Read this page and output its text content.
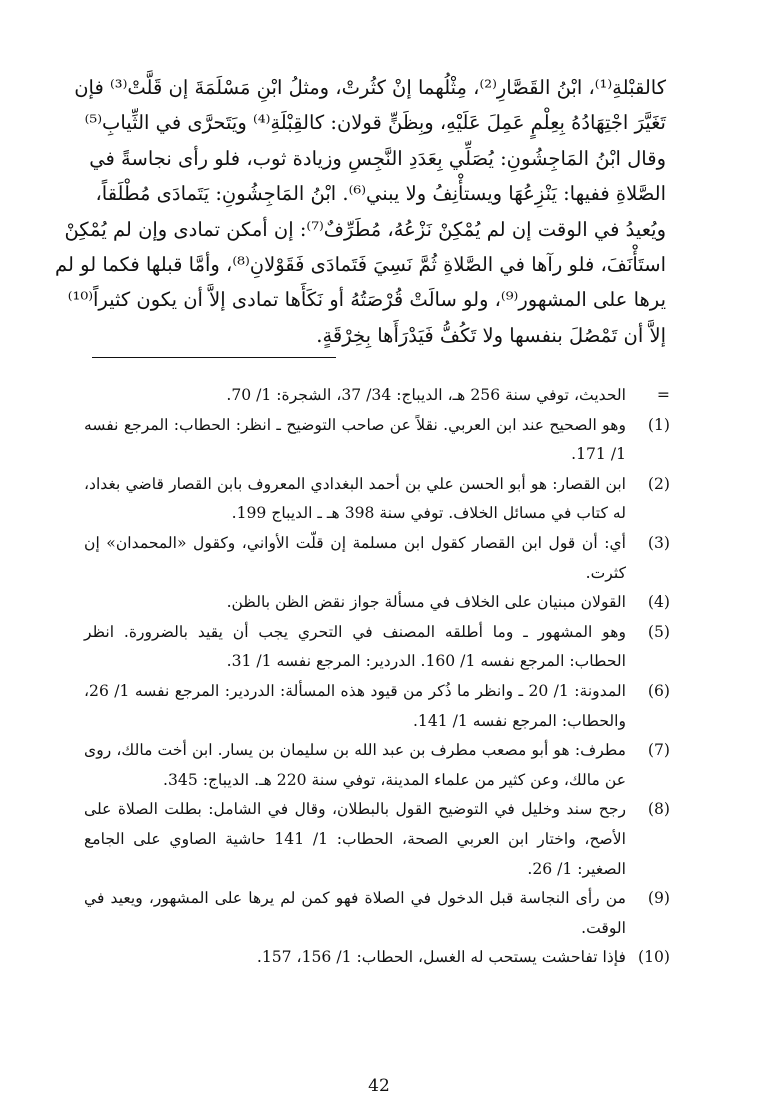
كالقبْلةِ⁽¹⁾، ابْنُ القَصَّارِ⁽²⁾، مِثْلُهما إنْ كثُرتْ، ومثلُ ابْنِ مَسْلَمَةَ إن قَلَّتْ⁽³⁾ فإن
تَغَيَّرَ اجْتِهَادُهُ بِعِلْمٍ عَمِلَ عَلَيْهِ، وبِظَنٍّ قولان: كالقِبْلَةِ⁽⁴⁾ ويَتَحرَّى في الثِّيابِ⁽⁵⁾
وقال ابْنُ المَاجِشُونِ: يُصَلِّي بِعَدَدِ النَّجِسِ وزيادة ثوب، فلو رأى نجاسةً في
الصَّلاةِ ففيها: يَنْزِعُهَا ويستأْنِفُ ولا يبني⁽⁶⁾. ابْنُ المَاجِشُونِ: يَتَمادَى مُطْلَقاً،
ويُعيدُ في الوقت إن لم يُمْكِنْ نَزْعُهُ، مُطَرِّفٌ⁽⁷⁾: إن أمكن تمادى وإن لم يُمْكِنْ
استَأْنَفَ، فلو رآها في الصَّلاةِ ثُمَّ نَسِيَ فَتَمادَى فَقَوْلانِ⁽⁸⁾، وأمَّا قبلها فكما لو لم
يرها على المشهور⁽⁹⁾، ولو سالَتْ قُرْصَتُهُ أو نَكَأَها تمادى إلاَّ أن يكون كثيراً⁽¹⁰⁾
إلاَّ أن تَمْصُلَ بنفسها ولا تَكُفُّ فَيَدْرَأَها بِخِرْقَةٍ.
=
الحديث، توفي سنة 256 هـ، الديباج: 34/ 37، الشجرة: 1/ 70.
(1)
وهو الصحيح عند ابن العربي. نقلاً عن صاحب التوضيح ـ انظر: الحطاب: المرجع نفسه 1/ 171.
(2)
ابن القصار: هو أبو الحسن علي بن أحمد البغدادي المعروف بابن القصار قاضي بغداد، له كتاب في مسائل الخلاف. توفي سنة 398 هـ ـ الديباج 199.
(3)
أي: أن قول ابن القصار كقول ابن مسلمة إن قلّت الأواني، وكقول «المحمدان» إن كثرت.
(4)
القولان مبنيان على الخلاف في مسألة جواز نقض الظن بالظن.
(5)
وهو المشهور ـ وما أطلقه المصنف في التحري يجب أن يقيد بالضرورة. انظر الحطاب: المرجع نفسه 1/ 160. الدردير: المرجع نفسه 1/ 31.
(6)
المدونة: 1/ 20 ـ وانظر ما ذُكر من قيود هذه المسألة: الدردير: المرجع نفسه 1/ 26، والحطاب: المرجع نفسه 1/ 141.
(7)
مطرف: هو أبو مصعب مطرف بن عبد الله بن سليمان بن يسار. ابن أخت مالك، روى عن مالك، وعن كثير من علماء المدينة، توفي سنة 220 هـ. الديباج: 345.
(8)
رجح سند وخليل في التوضيح القول بالبطلان، وقال في الشامل: بطلت الصلاة على الأصح، واختار ابن العربي الصحة، الحطاب: 1/ 141 حاشية الصاوي على الجامع الصغير: 1/ 26.
(9)
من رأى النجاسة قبل الدخول في الصلاة فهو كمن لم يرها على المشهور، ويعيد في الوقت.
(10)
فإذا تفاحشت يستحب له الغسل، الحطاب: 1/ 156، 157.
42
